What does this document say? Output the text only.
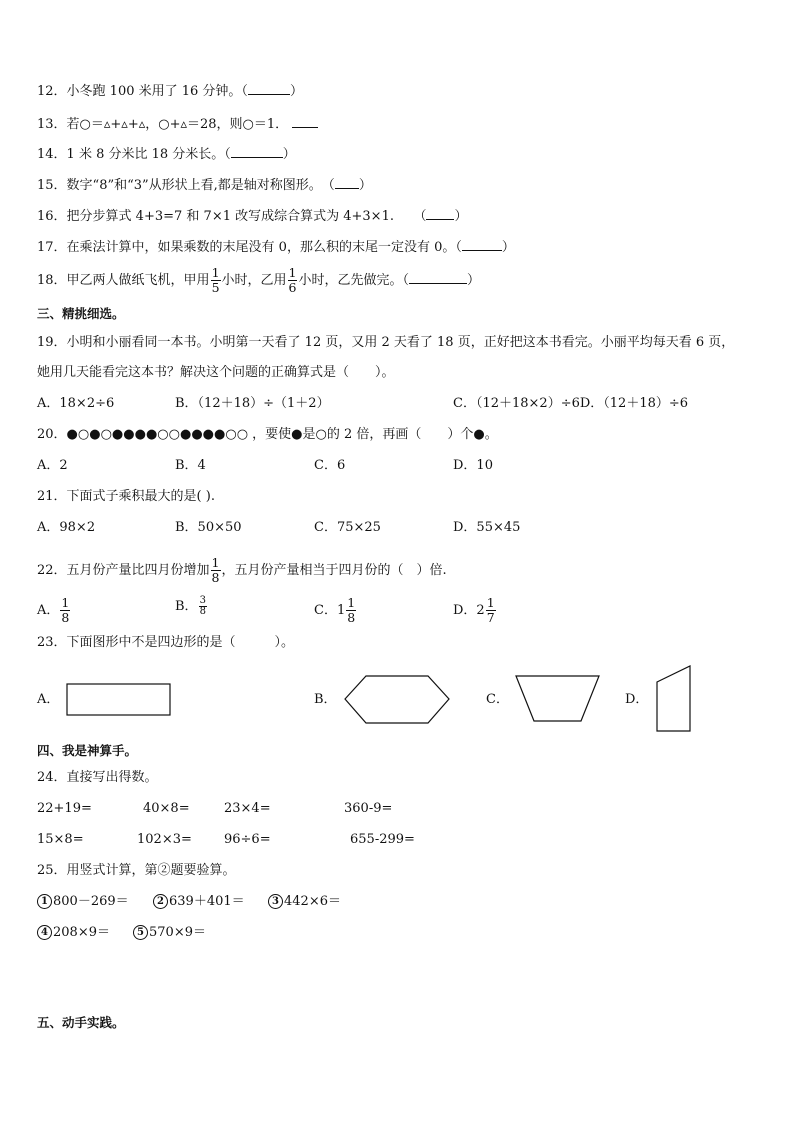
12．小冬跑 100 米用了 16 分钟。（	）
13．若○＝▵+▵+▵，○+▵＝28，则○＝1．
14．1 米 8 分米比 18 分米长。（	）
15．数字“8”和“3”从形状上看,都是轴对称图形。　（ ）
16．把分步算式 4+3=7 和 7×1 改写成综合算式为 4+3×1.　　（ ）
17．在乘法计算中，如果乘数的末尾没有 0，那么积的末尾一定没有 0。（	）
18．甲乙两人做纸飞机，甲用 $\frac{1}{5}$ 小时，乙用 $\frac{1}{6}$ 小时，乙先做完。（	）
三、精挑细选。
19．小明和小丽看同一本书。小明第一天看了 12 页，又用 2 天看了 18 页，正好把这本书看完。小丽平均每天看 6 页，
她用几天能看完这本书？解决这个问题的正确算式是（　　）。
A．18×2÷6	B．（12＋18）÷（1＋2）	C．（12＋18×2）÷6D．（12＋18）÷6
20．●○●○●●●●○○●●●●○○ ，要使●是○的 2 倍，再画（　　）个●。
A．2	B．4	C．6	D．10
21．下面式子乘积最大的是( ).
A．98×2	B．50×50	C．75×25	D．55×45
22．五月份产量比四月份增加 $\frac{1}{8}$ ，五月份产量相当于四月份的（　）倍.
A． $\frac{1}{8}$	B． $\frac{3}{8}$	C．$1 \frac{1}{8}$	D．$2 \frac{1}{7}$
23．下面图形中不是四边形的是（　　　）。
A．	B．	C．	D．
四、我是神算手。
24．直接写出得数。
22+19=	40×8=	23×4=	360-9=
15×8=	102×3= 96÷6=	655-299=
25．用竖式计算，第②题要验算。
1 800－269＝	2 639＋401＝	3 442×6＝
4 208×9＝	5 570×9＝
五、动手实践。
